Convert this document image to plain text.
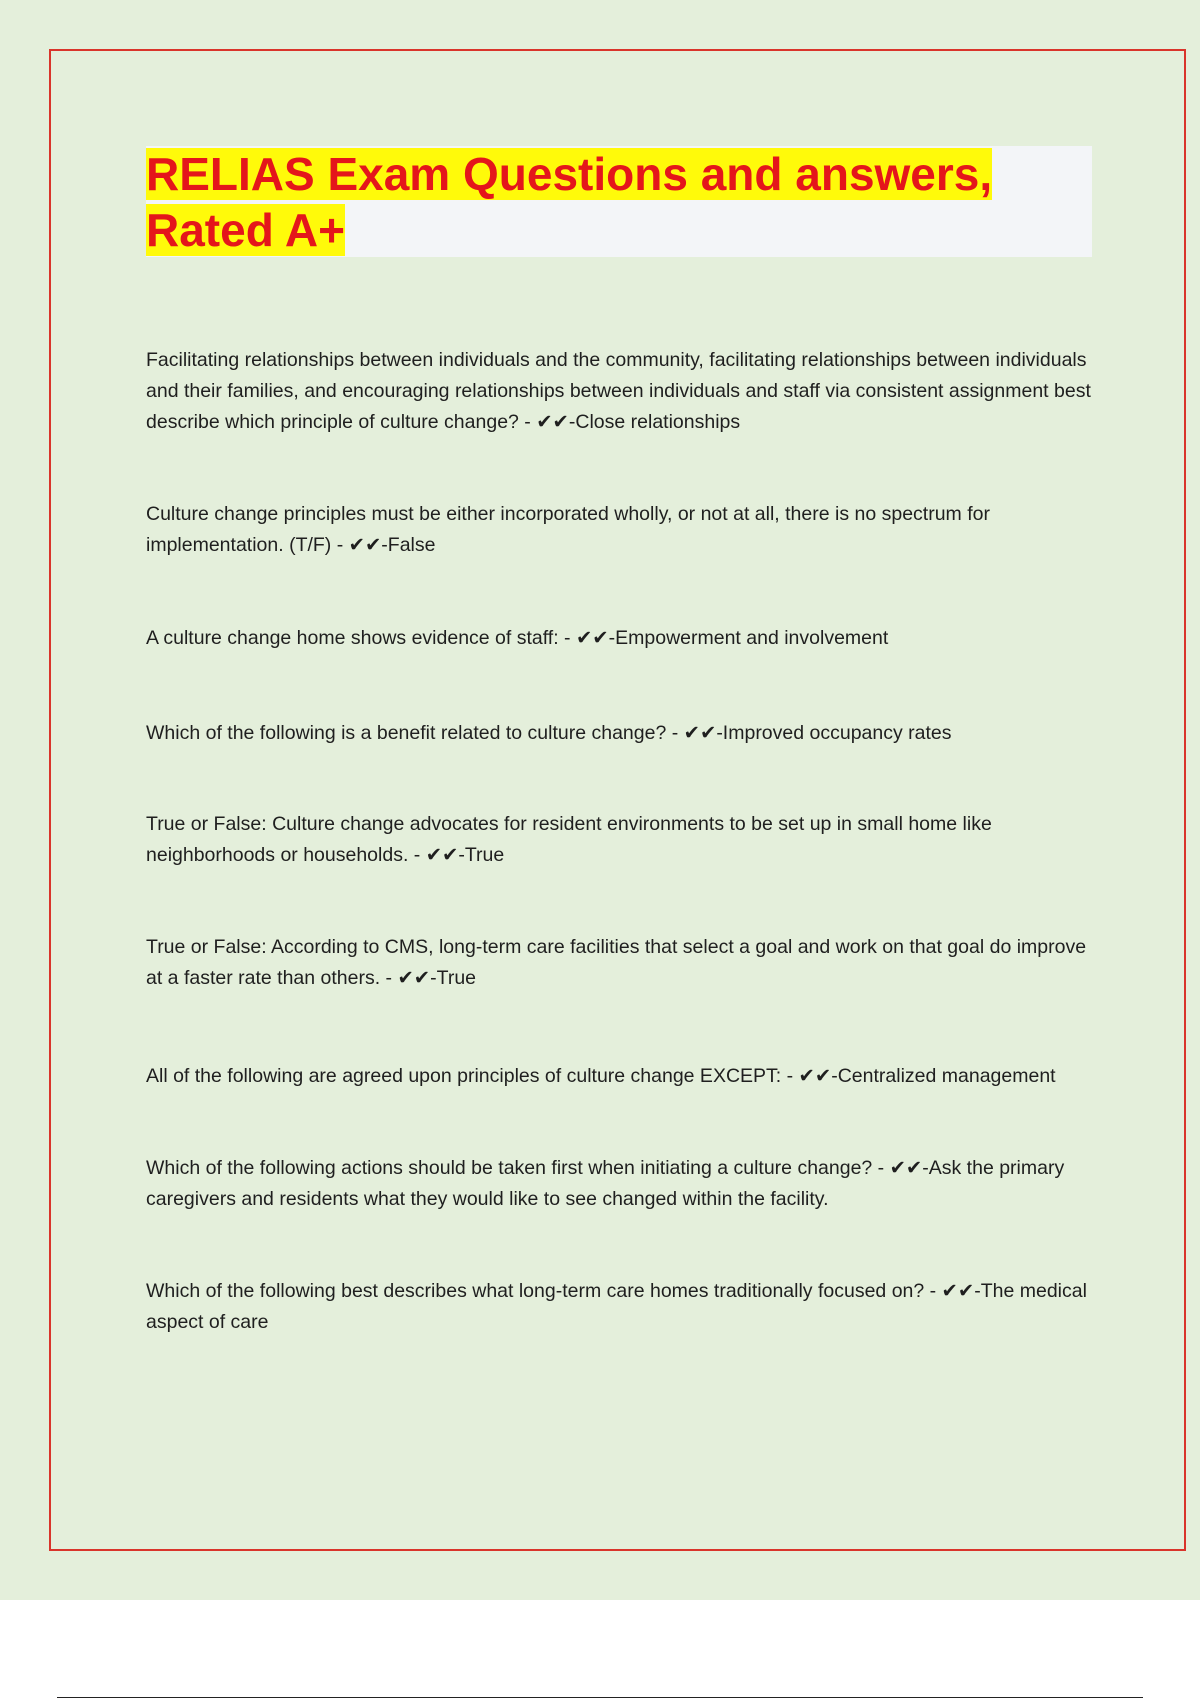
RELIAS Exam Questions and answers, Rated A+

Facilitating relationships between individuals and the community, facilitating relationships between individuals and their families, and encouraging relationships between individuals and staff via consistent assignment best describe which principle of culture change? - ✔✔-Close relationships

Culture change principles must be either incorporated wholly, or not at all, there is no spectrum for implementation. (T/F) - ✔✔-False

A culture change home shows evidence of staff: - ✔✔-Empowerment and involvement

Which of the following is a benefit related to culture change? - ✔✔-Improved occupancy rates

True or False: Culture change advocates for resident environments to be set up in small home like neighborhoods or households. - ✔✔-True

True or False: According to CMS, long-term care facilities that select a goal and work on that goal do improve at a faster rate than others. - ✔✔-True

All of the following are agreed upon principles of culture change EXCEPT: - ✔✔-Centralized management

Which of the following actions should be taken first when initiating a culture change? - ✔✔-Ask the primary caregivers and residents what they would like to see changed within the facility.

Which of the following best describes what long-term care homes traditionally focused on? - ✔✔-The medical aspect of care
